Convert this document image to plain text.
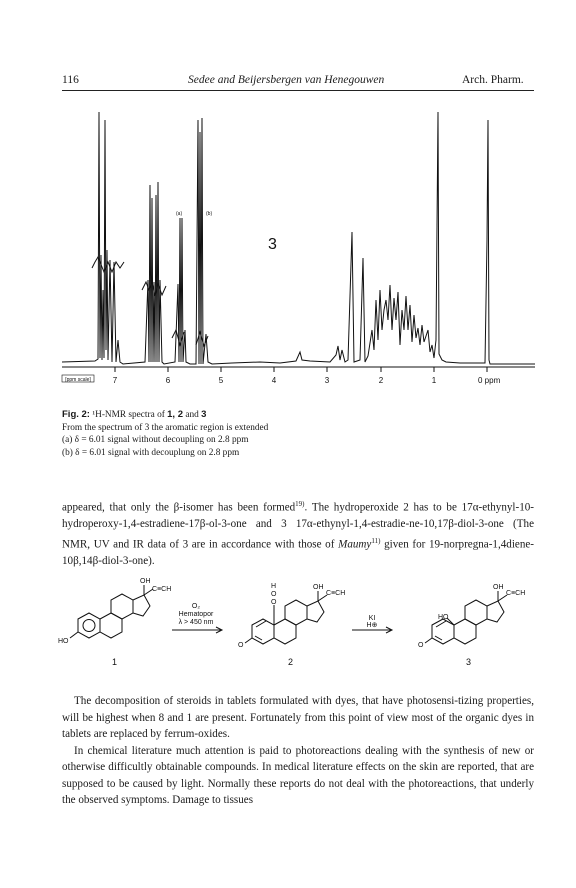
116	Sedee and Beijersbergen van Henegouwen	Arch. Pharm.
7	6	5	4	3	2	1	0 ppm
[ppm scale]
(a)	(b)
3
Fig. 2: ¹H-NMR spectra of 1, 2 and 3
From the spectrum of 3 the aromatic region is extended
(a) δ = 6.01 signal without decoupling on 2.8 ppm
(b) δ = 6.01 signal with decouplung on 2.8 ppm

appeared, that only the β-isomer has been formed$^{19)}$. The hydroperoxide 2 has to be 17α-ethynyl-10-hydroperoxy-1,4-estradiene-17β-ol-3-one and 3 17α-ethynyl-1,4-estradie-ne-10,17β-diol-3-one (The NMR, UV and IR data of 3 are in accordance with those of Maumy$^{11)}$ given for 19-norpregna-1,4diene-10β,14β-diol-3-one).

OH
C≡CH
HO
1
O₂
Hematopor
λ > 450 nm
H
O
O
OH
C≡CH
O
2
KI
H⊕
OH
C≡CH
HO
O
3

The decomposition of steroids in tablets formulated with dyes, that have photosensi-tizing properties, will be highest when 8 and 1 are present. Fortunately from this point of view most of the organic dyes in tablets are replaced by ferrum-oxides.

In chemical literature much attention is paid to photoreactions dealing with the synthesis of new or otherwise difficultly obtainable compounds. In medical literature effects on the skin are reported, that are supposed to be caused by light. Normally these reports do not deal with the photoreactions, that underly the observed symptoms. Damage to tissues
